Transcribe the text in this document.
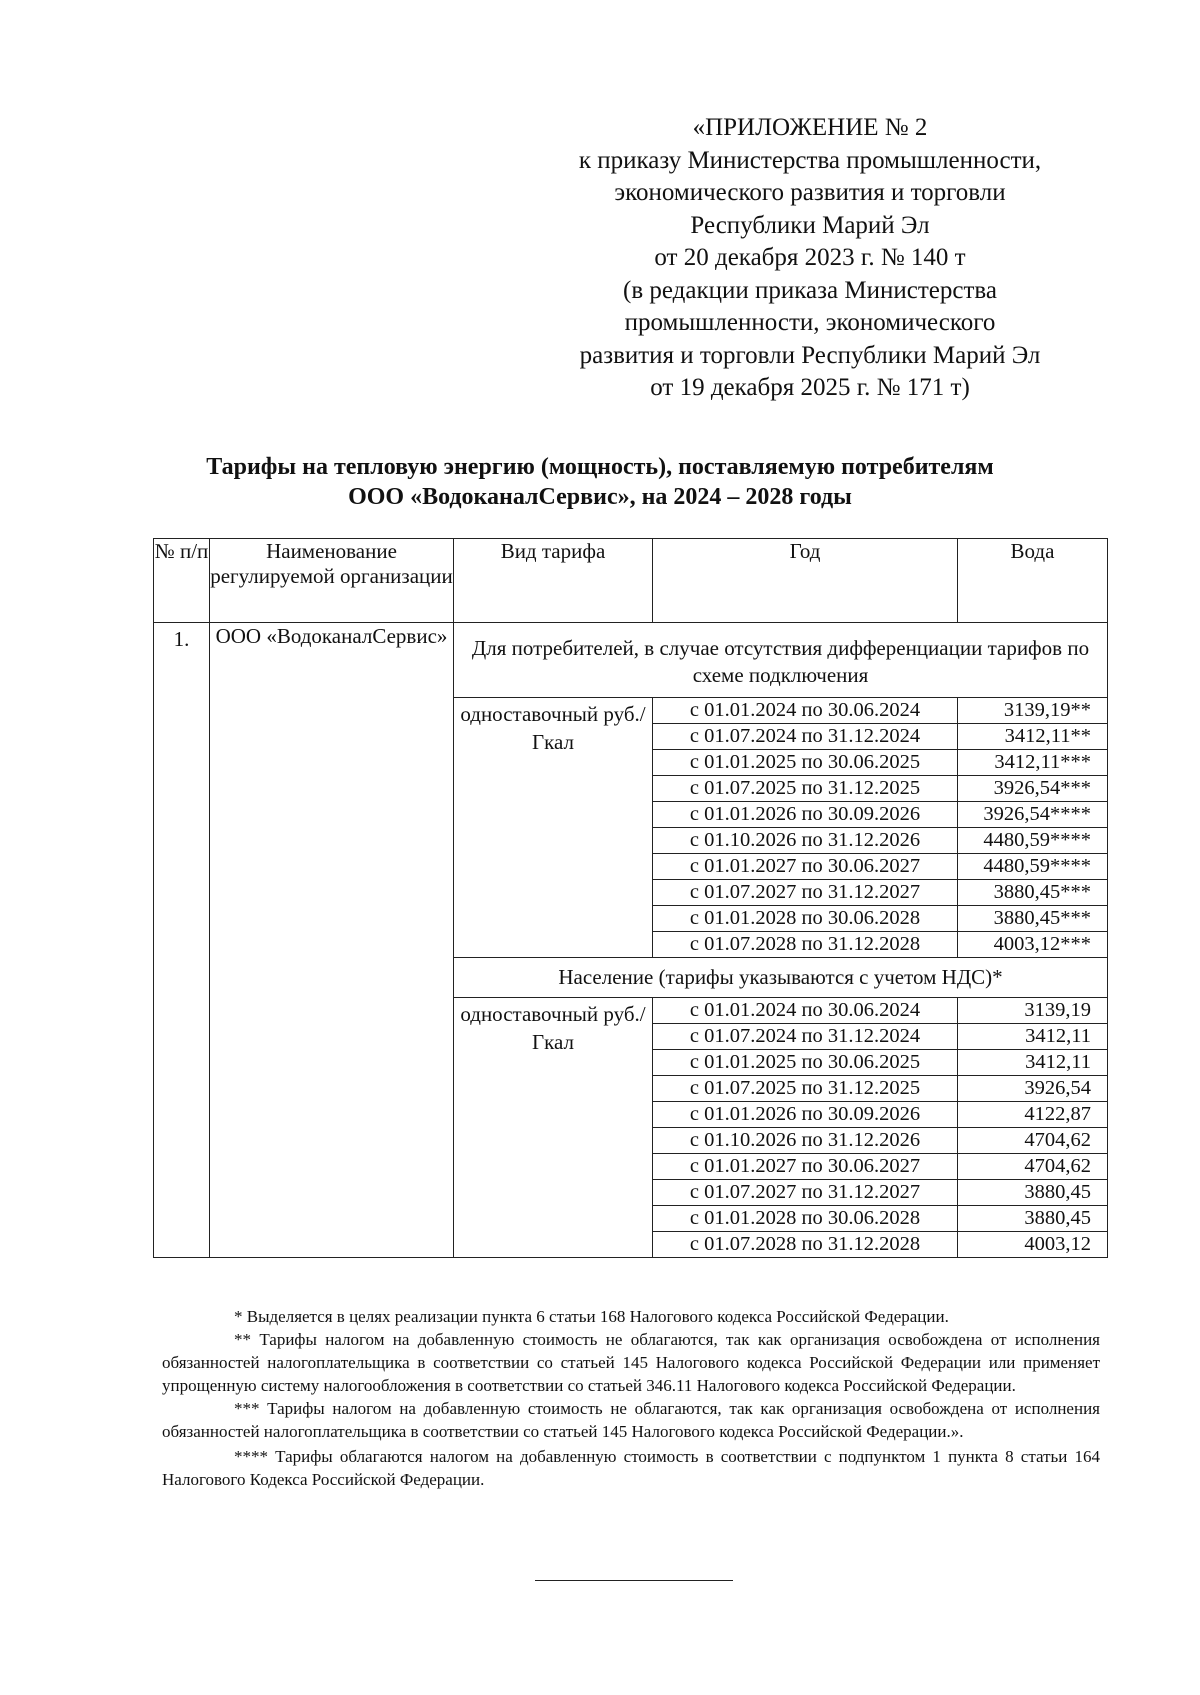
«ПРИЛОЖЕНИЕ № 2
к приказу Министерства промышленности,
экономического развития и торговли
Республики Марий Эл
от 20 декабря 2023 г. № 140 т
(в редакции приказа Министерства
промышленности, экономического
развития и торговли Республики Марий Эл
от 19 декабря 2025 г. № 171 т)
Тарифы на тепловую энергию (мощность), поставляемую потребителям
ООО «ВодоканалСервис», на 2024 – 2028 годы
№ п/п	Наименование регулируемой организации	Вид тарифа	Год	Вода
1.	ООО «ВодоканалСервис»	Для потребителей, в случае отсутствия дифференциации тарифов по схеме подключения		
		одноставочный руб./Гкал	с 01.01.2024 по 30.06.2024	3139,19**
			с 01.07.2024 по 31.12.2024	3412,11**
			с 01.01.2025 по 30.06.2025	3412,11***
			с 01.07.2025 по 31.12.2025	3926,54***
			с 01.01.2026 по 30.09.2026	3926,54****
			с 01.10.2026 по 31.12.2026	4480,59****
			с 01.01.2027 по 30.06.2027	4480,59****
			с 01.07.2027 по 31.12.2027	3880,45***
			с 01.01.2028 по 30.06.2028	3880,45***
			с 01.07.2028 по 31.12.2028	4003,12***
		Население (тарифы указываются с учетом НДС)*		
		одноставочный руб./Гкал	с 01.01.2024 по 30.06.2024	3139,19
			с 01.07.2024 по 31.12.2024	3412,11
			с 01.01.2025 по 30.06.2025	3412,11
			с 01.07.2025 по 31.12.2025	3926,54
			с 01.01.2026 по 30.09.2026	4122,87
			с 01.10.2026 по 31.12.2026	4704,62
			с 01.01.2027 по 30.06.2027	4704,62
			с 01.07.2027 по 31.12.2027	3880,45
			с 01.01.2028 по 30.06.2028	3880,45
			с 01.07.2028 по 31.12.2028	4003,12

* Выделяется в целях реализации пункта 6 статьи 168 Налогового кодекса Российской Федерации.

** Тарифы налогом на добавленную стоимость не облагаются, так как организация освобождена от исполнения обязанностей налогоплательщика в соответствии со статьей 145 Налогового кодекса Российской Федерации или применяет упрощенную систему налогообложения в соответствии со статьей 346.11 Налогового кодекса Российской Федерации.

*** Тарифы налогом на добавленную стоимость не облагаются, так как организация освобождена от исполнения обязанностей налогоплательщика в соответствии со статьей 145 Налогового кодекса Российской Федерации.».

**** Тарифы облагаются налогом на добавленную стоимость в соответствии с подпунктом 1 пункта 8 статьи 164 Налогового Кодекса Российской Федерации.
